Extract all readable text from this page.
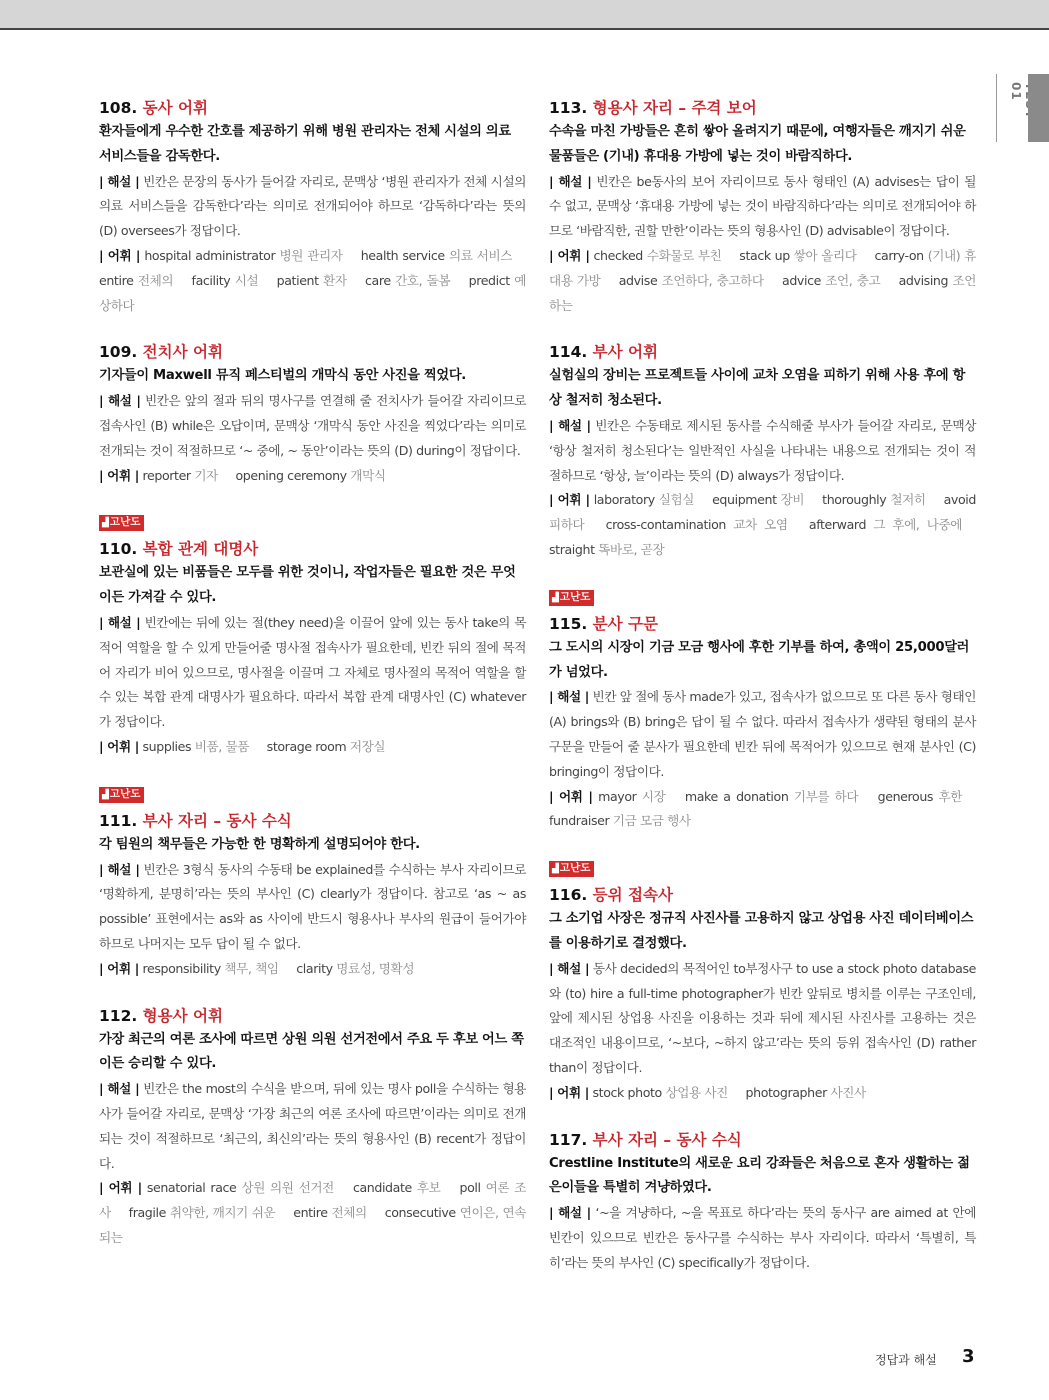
01
108. 동사 어휘
환자들에게 우수한 간호를 제공하기 위해 병원 관리자는 전체 시설의 의료 서비스들을 감독한다.
| 해설 | 빈칸은 문장의 동사가 들어갈 자리로, 문맥상 ‘병원 관리자가 전체 시설의 의료 서비스들을 감독한다’라는 의미로 전개되어야 하므로 ‘감독하다’라는 뜻의 (D) oversees가 정답이다.
| 어휘 | hospital administrator 병원 관리자 health service 의료 서비스 entire 전체의 facility 시설 patient 환자 care 간호, 돌봄 predict 예상하다
109. 전치사 어휘
기자들이 Maxwell 뮤직 페스티벌의 개막식 동안 사진을 찍었다.
| 해설 | 빈칸은 앞의 절과 뒤의 명사구를 연결해 줄 전치사가 들어갈 자리이므로 접속사인 (B) while은 오답이며, 문맥상 ‘개막식 동안 사진을 찍었다’라는 의미로 전개되는 것이 적절하므로 ‘~ 중에, ~ 동안’이라는 뜻의 (D) during이 정답이다.
| 어휘 | reporter 기자 opening ceremony 개막식
▟고난도
110. 복합 관계 대명사
보관실에 있는 비품들은 모두를 위한 것이니, 작업자들은 필요한 것은 무엇이든 가져갈 수 있다.
| 해설 | 빈칸에는 뒤에 있는 절(they need)을 이끌어 앞에 있는 동사 take의 목적어 역할을 할 수 있게 만들어줄 명사절 접속사가 필요한데, 빈칸 뒤의 절에 목적어 자리가 비어 있으므로, 명사절을 이끌며 그 자체로 명사절의 목적어 역할을 할 수 있는 복합 관계 대명사가 필요하다. 따라서 복합 관계 대명사인 (C) whatever가 정답이다.
| 어휘 | supplies 비품, 물품 storage room 저장실
▟고난도
111. 부사 자리 – 동사 수식
각 팀원의 책무들은 가능한 한 명확하게 설명되어야 한다.
| 해설 | 빈칸은 3형식 동사의 수동태 be explained를 수식하는 부사 자리이므로 ‘명확하게, 분명히’라는 뜻의 부사인 (C) clearly가 정답이다. 참고로 ‘as ~ as possible’ 표현에서는 as와 as 사이에 반드시 형용사나 부사의 원급이 들어가야 하므로 나머지는 모두 답이 될 수 없다.
| 어휘 | responsibility 책무, 책임 clarity 명료성, 명확성
112. 형용사 어휘
가장 최근의 여론 조사에 따르면 상원 의원 선거전에서 주요 두 후보 어느 쪽이든 승리할 수 있다.
| 해설 | 빈칸은 the most의 수식을 받으며, 뒤에 있는 명사 poll을 수식하는 형용사가 들어갈 자리로, 문맥상 ‘가장 최근의 여론 조사에 따르면’이라는 의미로 전개되는 것이 적절하므로 ‘최근의, 최신의’라는 뜻의 형용사인 (B) recent가 정답이다.
| 어휘 | senatorial race 상원 의원 선거전 candidate 후보 poll 여론 조사 fragile 취약한, 깨지기 쉬운 entire 전체의 consecutive 연이은, 연속되는
113. 형용사 자리 – 주격 보어
수속을 마친 가방들은 흔히 쌓아 올려지기 때문에, 여행자들은 깨지기 쉬운 물품들은 (기내) 휴대용 가방에 넣는 것이 바람직하다.
| 해설 | 빈칸은 be동사의 보어 자리이므로 동사 형태인 (A) advises는 답이 될 수 없고, 문맥상 ‘휴대용 가방에 넣는 것이 바람직하다’라는 의미로 전개되어야 하므로 ‘바람직한, 권할 만한’이라는 뜻의 형용사인 (D) advisable이 정답이다.
| 어휘 | checked 수화물로 부친 stack up 쌓아 올리다 carry-on (기내) 휴대용 가방 advise 조언하다, 충고하다 advice 조언, 충고 advising 조언하는
114. 부사 어휘
실험실의 장비는 프로젝트들 사이에 교차 오염을 피하기 위해 사용 후에 항상 철저히 청소된다.
| 해설 | 빈칸은 수동태로 제시된 동사를 수식해줄 부사가 들어갈 자리로, 문맥상 ‘항상 철저히 청소된다’는 일반적인 사실을 나타내는 내용으로 전개되는 것이 적절하므로 ‘항상, 늘’이라는 뜻의 (D) always가 정답이다.
| 어휘 | laboratory 실험실 equipment 장비 thoroughly 철저히 avoid 피하다 cross-contamination 교차 오염 afterward 그 후에, 나중에 straight 똑바로, 곧장
▟고난도
115. 분사 구문
그 도시의 시장이 기금 모금 행사에 후한 기부를 하여, 총액이 25,000달러가 넘었다.
| 해설 | 빈칸 앞 절에 동사 made가 있고, 접속사가 없으므로 또 다른 동사 형태인 (A) brings와 (B) bring은 답이 될 수 없다. 따라서 접속사가 생략된 형태의 분사구문을 만들어 줄 분사가 필요한데 빈칸 뒤에 목적어가 있으므로 현재 분사인 (C) bringing이 정답이다.
| 어휘 | mayor 시장 make a donation 기부를 하다 generous 후한 fundraiser 기금 모금 행사
▟고난도
116. 등위 접속사
그 소기업 사장은 정규직 사진사를 고용하지 않고 상업용 사진 데이터베이스를 이용하기로 결정했다.
| 해설 | 동사 decided의 목적어인 to부정사구 to use a stock photo database와 (to) hire a full-time photographer가 빈칸 앞뒤로 병치를 이루는 구조인데, 앞에 제시된 상업용 사진을 이용하는 것과 뒤에 제시된 사진사를 고용하는 것은 대조적인 내용이므로, ‘~보다, ~하지 않고’라는 뜻의 등위 접속사인 (D) rather than이 정답이다.
| 어휘 | stock photo 상업용 사진 photographer 사진사
117. 부사 자리 – 동사 수식
Crestline Institute의 새로운 요리 강좌들은 처음으로 혼자 생활하는 젊은이들을 특별히 겨냥하였다.
| 해설 | ‘~을 겨냥하다, ~을 목표로 하다’라는 뜻의 동사구 are aimed at 안에 빈칸이 있으므로 빈칸은 동사구를 수식하는 부사 자리이다. 따라서 ‘특별히, 특히’라는 뜻의 부사인 (C) specifically가 정답이다.
정답과 해설 3
